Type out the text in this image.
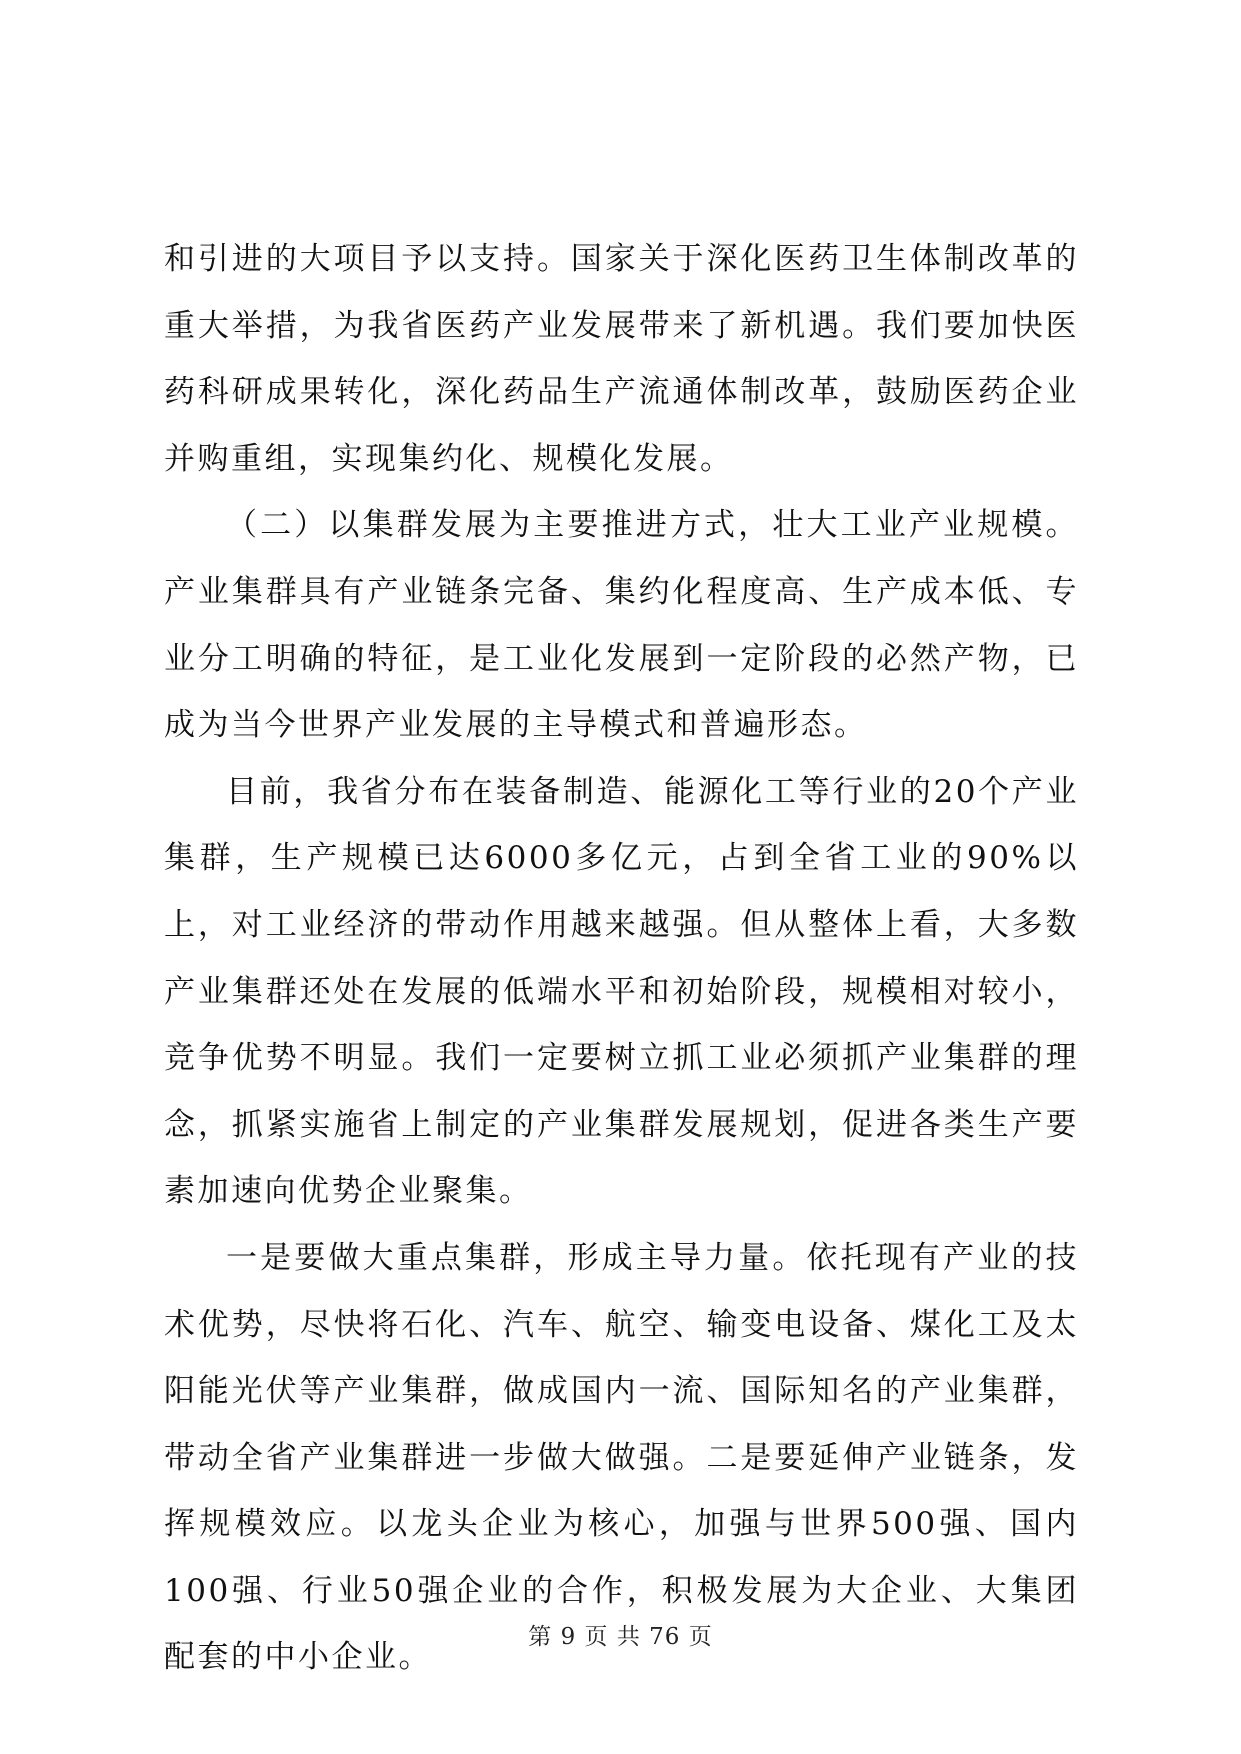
和引进的大项目予以支持。国家关于深化医药卫生体制改革的重大举措，为我省医药产业发展带来了新机遇。我们要加快医药科研成果转化，深化药品生产流通体制改革，鼓励医药企业并购重组，实现集约化、规模化发展。

（二）以集群发展为主要推进方式，壮大工业产业规模。产业集群具有产业链条完备、集约化程度高、生产成本低、专业分工明确的特征，是工业化发展到一定阶段的必然产物，已成为当今世界产业发展的主导模式和普遍形态。

目前，我省分布在装备制造、能源化工等行业的20个产业集群，生产规模已达6000多亿元，占到全省工业的90%以上，对工业经济的带动作用越来越强。但从整体上看，大多数产业集群还处在发展的低端水平和初始阶段，规模相对较小，竞争优势不明显。我们一定要树立抓工业必须抓产业集群的理念，抓紧实施省上制定的产业集群发展规划，促进各类生产要素加速向优势企业聚集。

一是要做大重点集群，形成主导力量。依托现有产业的技术优势，尽快将石化、汽车、航空、输变电设备、煤化工及太阳能光伏等产业集群，做成国内一流、国际知名的产业集群，带动全省产业集群进一步做大做强。二是要延伸产业链条，发挥规模效应。以龙头企业为核心，加强与世界500强、国内100强、行业50强企业的合作，积极发展为大企业、大集团配套的中小企业。

第 9 页 共 76 页
